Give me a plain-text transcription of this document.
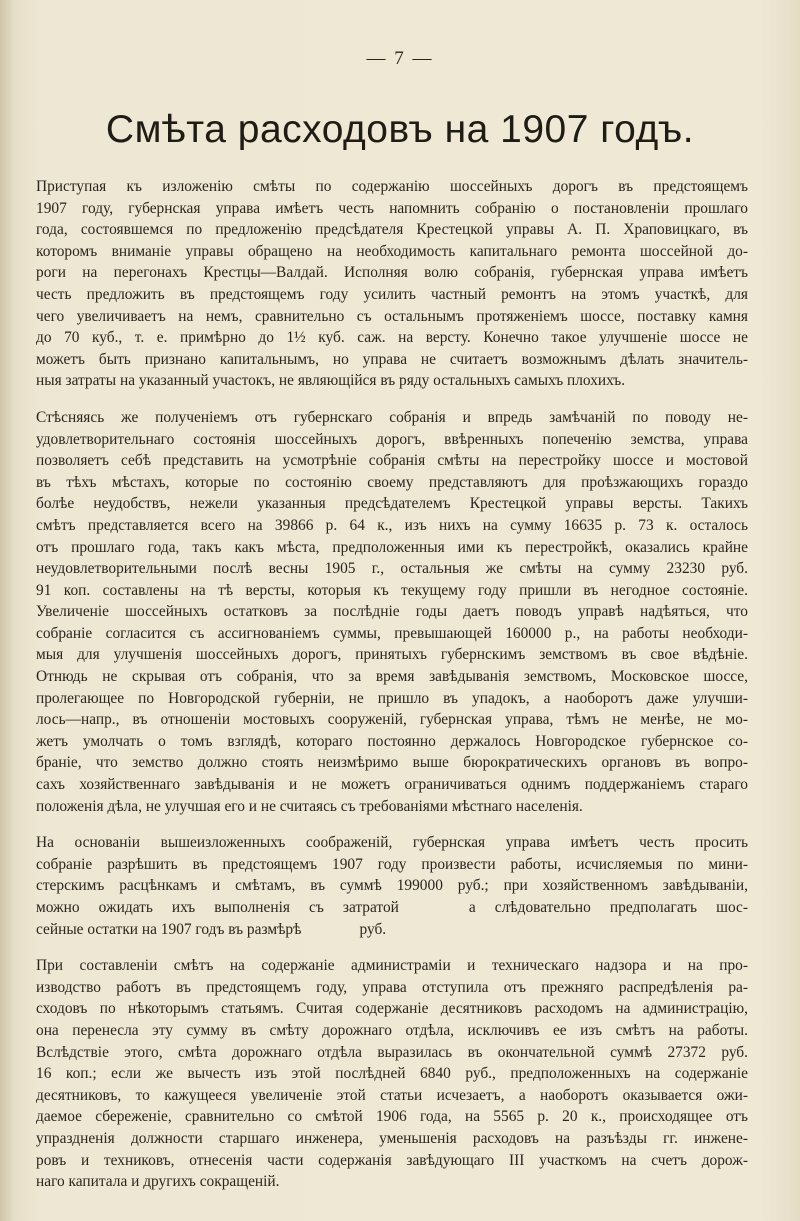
— 7 —
Смѣта расходовъ на 1907 годъ.

Приступая къ изложенію смѣты по содержанію шоссейныхъ дорогъ въ предстоящемъ
1907 году, губернская управа имѣетъ честь напомнить собранію о постановленіи прошлаго
года, состоявшемся по предложенію предсѣдателя Крестецкой управы А. П. Храповицкаго, въ
которомъ вниманіе управы обращено на необходимость капитальнаго ремонта шоссейной до-
роги на перегонахъ Крестцы—Валдай. Исполняя волю собранія, губернская управа имѣетъ
честь предложить въ предстоящемъ году усилить частный ремонтъ на этомъ участкѣ, для
чего увеличиваетъ на немъ, сравнительно съ остальнымъ протяженіемъ шоссе, поставку камня
до 70 куб., т. е. примѣрно до 1½ куб. саж. на версту. Конечно такое улучшеніе шоссе не
можетъ быть признано капитальнымъ, но управа не считаетъ возможнымъ дѣлать значитель-
ныя затраты на указанный участокъ, не являющійся въ ряду остальныхъ самыхъ плохихъ.

Стѣсняясь же полученіемъ отъ губернскаго собранія и впредь замѣчаній по поводу не-
удовлетворительнаго состоянія шоссейныхъ дорогъ, ввѣренныхъ попеченію земства, управа
позволяетъ себѣ представить на усмотрѣніе собранія смѣты на перестройку шоссе и мостовой
въ тѣхъ мѣстахъ, которые по состоянію своему представляютъ для проѣзжающихъ гораздо
болѣе неудобствъ, нежели указанныя предсѣдателемъ Крестецкой управы версты. Такихъ
смѣтъ представляется всего на 39866 р. 64 к., изъ нихъ на сумму 16635 р. 73 к. осталось
отъ прошлаго года, такъ какъ мѣста, предположенныя ими къ перестройкѣ, оказались крайне
неудовлетворительными послѣ весны 1905 г., остальныя же смѣты на сумму 23230 руб.
91 коп. составлены на тѣ версты, которыя къ текущему году пришли въ негодное состояніе.
Увеличеніе шоссейныхъ остатковъ за послѣдніе годы даетъ поводъ управѣ надѣяться, что
собраніе согласится съ ассигнованіемъ суммы, превышающей 160000 р., на работы необходи-
мыя для улучшенія шоссейныхъ дорогъ, принятыхъ губернскимъ земствомъ въ свое вѣдѣніе.
Отнюдь не скрывая отъ собранія, что за время завѣдыванія земствомъ, Московское шоссе,
пролегающее по Новгородской губерніи, не пришло въ упадокъ, а наоборотъ даже улучши-
лось—напр., въ отношеніи мостовыхъ сооруженій, губернская управа, тѣмъ не менѣе, не мо-
жетъ умолчать о томъ взглядѣ, котораго постоянно держалось Новгородское губернское со-
браніе, что земство должно стоять неизмѣримо выше бюрократическихъ органовъ въ вопро-
сахъ хозяйственнаго завѣдыванія и не можетъ ограничиваться однимъ поддержаніемъ стараго
положенія дѣла, не улучшая его и не считаясь съ требованіями мѣстнаго населенія.

На основаніи вышеизложенныхъ соображеній, губернская управа имѣетъ честь просить
собраніе разрѣшить въ предстоящемъ 1907 году произвести работы, исчисляемыя по мини-
стерскимъ расцѣнкамъ и смѣтамъ, въ суммѣ 199000 руб.; при хозяйственномъ завѣдываніи,
можно ожидать ихъ выполненія съ затратой	а слѣдовательно предполагать шос-
сейные остатки на 1907 годъ въ размѣрѣ	руб.

При составленіи смѣтъ на содержаніе администраміи и техническаго надзора и на про-
изводство работъ въ предстоящемъ году, управа отступила отъ прежняго распредѣленія ра-
сходовъ по нѣкоторымъ статьямъ. Считая содержаніе десятниковъ расходомъ на администрацію,
она перенесла эту сумму въ смѣту дорожнаго отдѣла, исключивъ ее изъ смѣтъ на работы.
Вслѣдствіе этого, смѣта дорожнаго отдѣла выразилась въ окончательной суммѣ 27372 руб.
16 коп.; если же вычесть изъ этой послѣдней 6840 руб., предположенныхъ на содержаніе
десятниковъ, то кажущееся увеличеніе этой статьи исчезаетъ, а наоборотъ оказывается ожи-
даемое сбереженіе, сравнительно со смѣтой 1906 года, на 5565 р. 20 к., происходящее отъ
упраздненія должности старшаго инженера, уменьшенія расходовъ на разъѣзды гг. инжене-
ровъ и техниковъ, отнесенія части содержанія завѣдующаго III участкомъ на счетъ дорож-
наго капитала и другихъ сокращеній.
